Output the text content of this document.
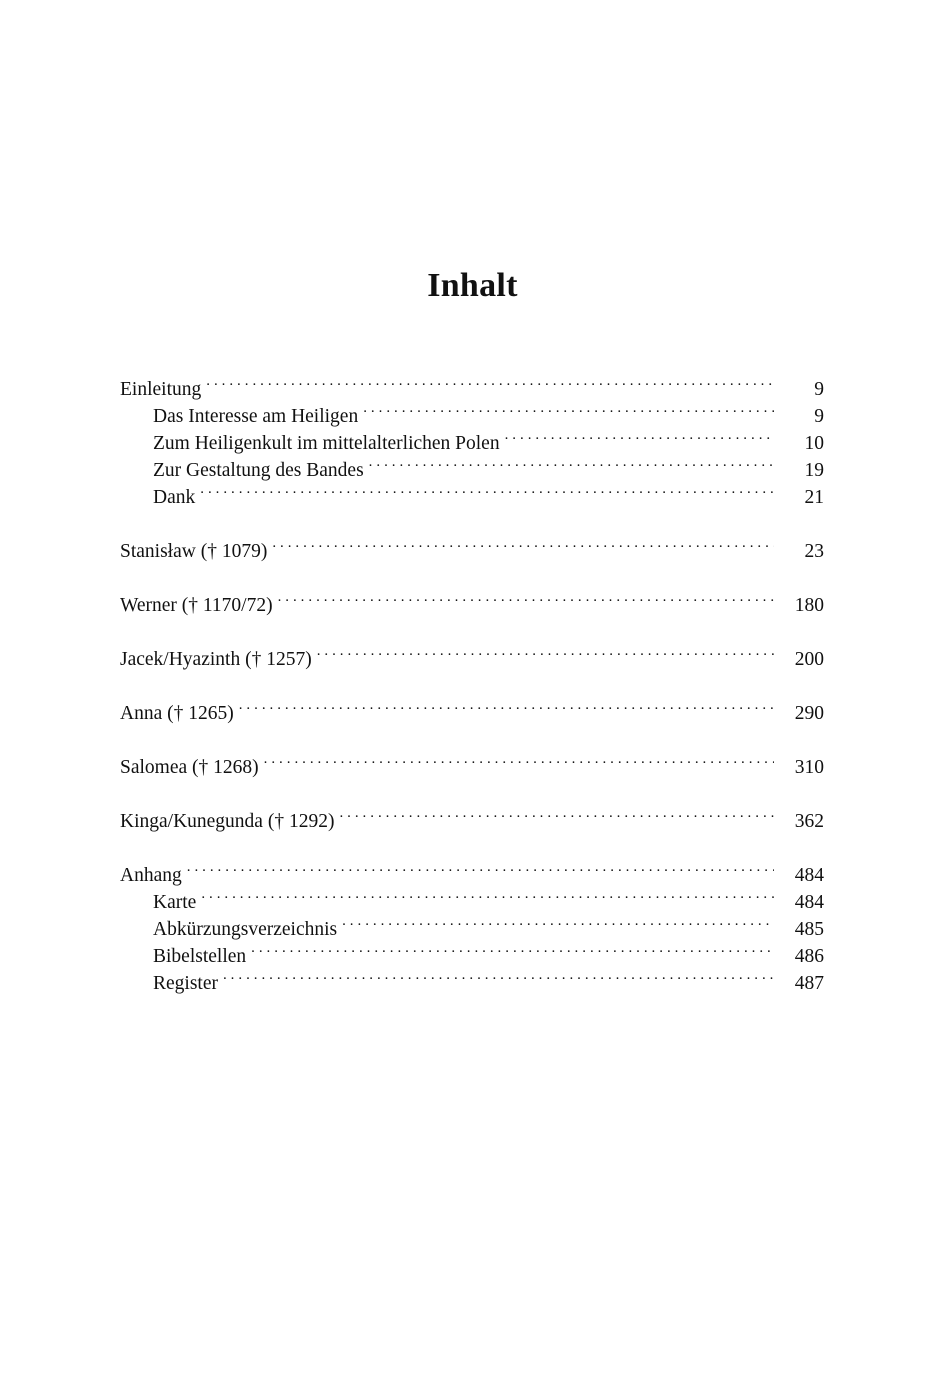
Inhalt
Einleitung . . .	9
Das Interesse am Heiligen . . .	9
Zum Heiligenkult im mittelalterlichen Polen . . .	10
Zur Gestaltung des Bandes . . .	19
Dank . . .	21
Stanisław († 1079) . . .	23
Werner († 1170/72) . . .	180
Jacek/Hyazinth († 1257) . . .	200
Anna († 1265) . . .	290
Salomea († 1268) . . .	310
Kinga/Kunegunda († 1292) . . .	362
Anhang . . .	484
Karte . . .	484
Abkürzungsverzeichnis . . .	485
Bibelstellen . . .	486
Register . . .	487
